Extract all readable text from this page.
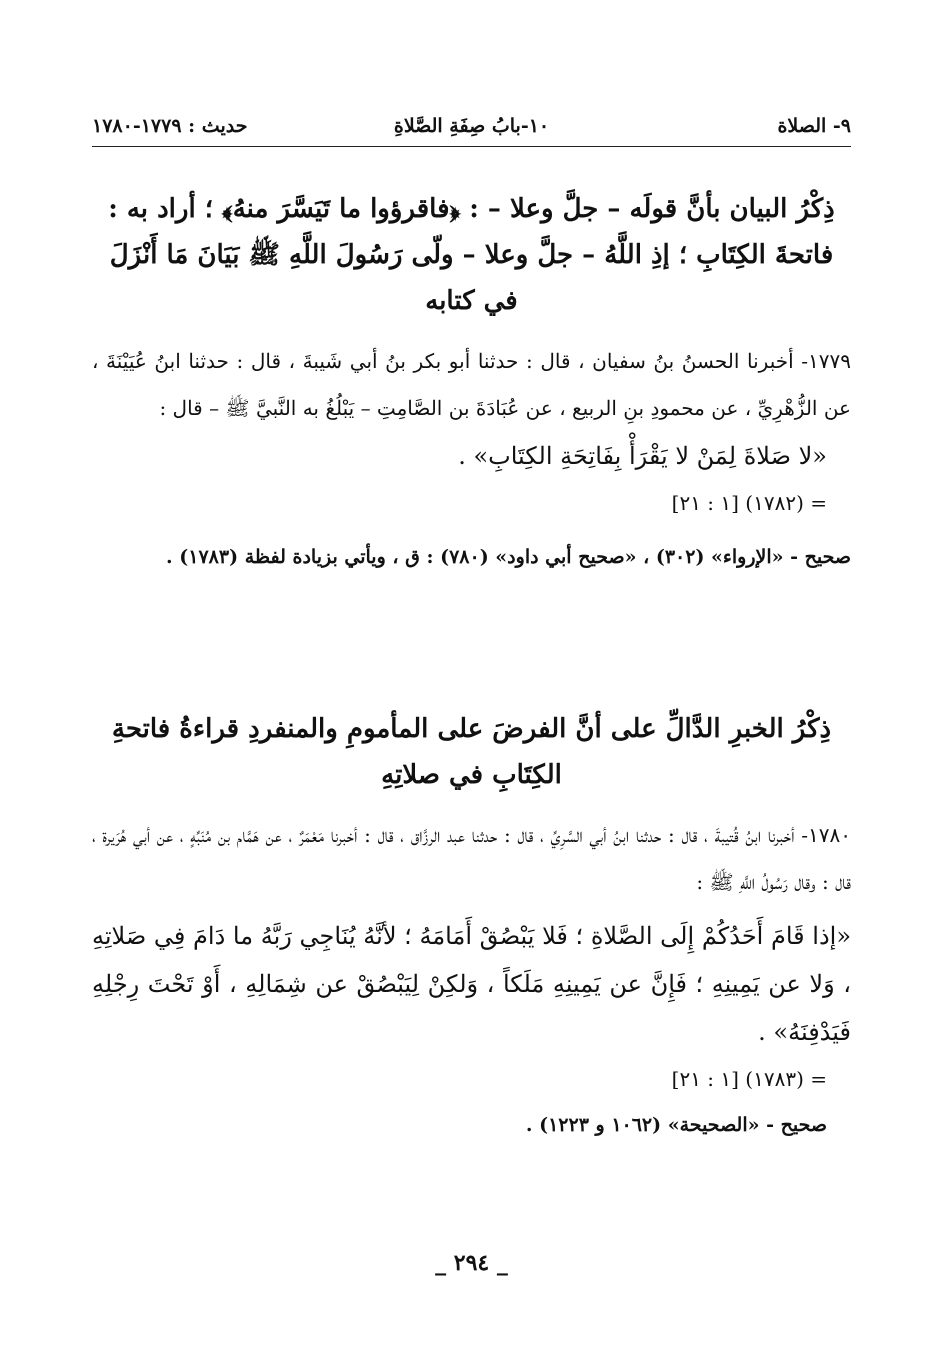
٩- الصلاة
١٠-بابُ صِفَةِ الصَّلاةِ
حديث : ١٧٧٩-١٧٨٠

ذِكْرُ البيان بأنَّ قولَه – جلَّ وعلا – : ﴿فاقرؤوا ما تَيَسَّرَ منهُ﴾ ؛ أراد به : فاتحةَ الكِتَابِ ؛ إذِ اللَّهُ – جلَّ وعلا – ولّى رَسُولَ اللَّهِ ﷺ بَيَانَ مَا أَنْزَلَ في كتابه

١٧٧٩- أخبرنا الحسنُ بنُ سفيان ، قال : حدثنا أبو بكر بنُ أبي شَيبةَ ، قال : حدثنا ابنُ عُيَيْنَةَ ، عن الزُّهْرِيِّ ، عن محمودِ بنِ الربيع ، عن عُبَادَةَ بن الصَّامِتِ – يَبْلُغُ به النَّبيَّ ﷺ – قال :

«لا صَلاةَ لِمَنْ لا يَقْرَأْ بِفَاتِحَةِ الكِتَابِ» .

= (١٧٨٢) [١ : ٢١]

صحيح - «الإرواء» (٣٠٢) ، «صحيح أبي داود» (٧٨٠) : ق ، ويأتي بزيادة لفظة (١٧٨٣) .

ذِكْرُ الخبرِ الدَّالِّ على أنَّ الفرضَ على المأمومِ والمنفردِ قراءةُ فاتحةِ الكِتَابِ في صلاتِهِ

١٧٨٠- أخبرنا ابنُ قُتيبةَ ، قال : حدثنا ابنُ أبي السَّرِيِّ ، قال : حدثنا عبد الرزَّاق ، قال : أخبرنا مَعْمَرٌ ، عن هَمَّام بن مُنَبِّهٍ ، عن أبي هُرَيرة ، قال : وقال رَسُولُ اللَّهِ ﷺ :

«إذا قَامَ أَحَدُكُمْ إِلَى الصَّلاةِ ؛ فَلا يَبْصُقْ أَمَامَهُ ؛ لأنَّهُ يُنَاجِي رَبَّهُ ما دَامَ فِي صَلاتِهِ ، وَلا عن يَمِينِهِ ؛ فَإِنَّ عن يَمِينِهِ مَلَكاً ، وَلكِنْ لِيَبْصُقْ عن شِمَالِهِ ، أَوْ تَحْتَ رِجْلِهِ فَيَدْفِنَهُ» .

= (١٧٨٣) [١ : ٢١]

صحيح - «الصحيحة» (١٠٦٢ و ١٢٢٣) .

_ ٢٩٤ _
